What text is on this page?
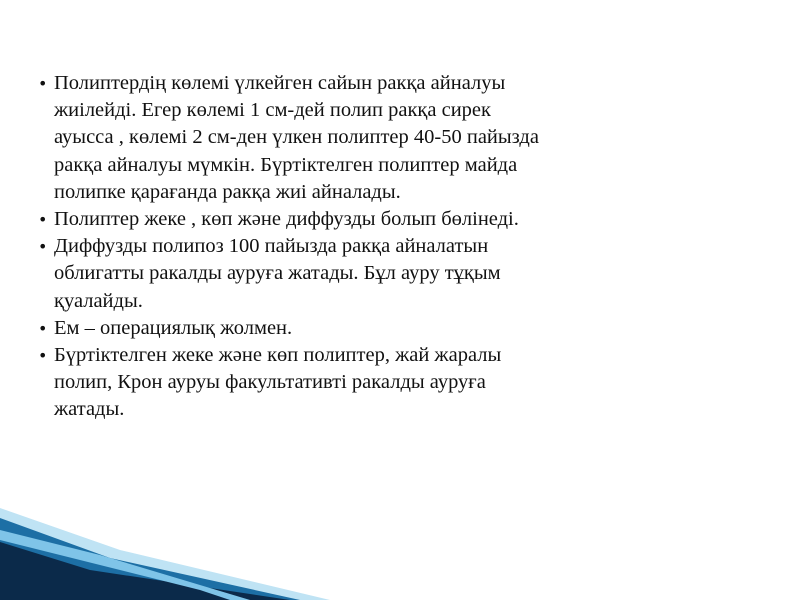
• Полиптердің көлемі үлкейген сайын ракқа айналуы
жиілейді. Егер көлемі 1 см-дей полип ракқа сирек
ауысса , көлемі 2 см-ден үлкен полиптер 40-50 пайызда
ракқа айналуы мүмкін. Бүртіктелген полиптер майда
полипке қарағанда ракқа жиі айналады.
• Полиптер жеке , көп және диффузды болып бөлінеді.
• Диффузды полипоз 100 пайызда ракқа айналатын
облигатты ракалды ауруға жатады. Бұл ауру тұқым
қуалайды.
• Ем – операциялық жолмен.
• Бүртіктелген жеке және көп полиптер, жай жаралы
полип, Крон ауруы факультативті ракалды ауруға
жатады.
